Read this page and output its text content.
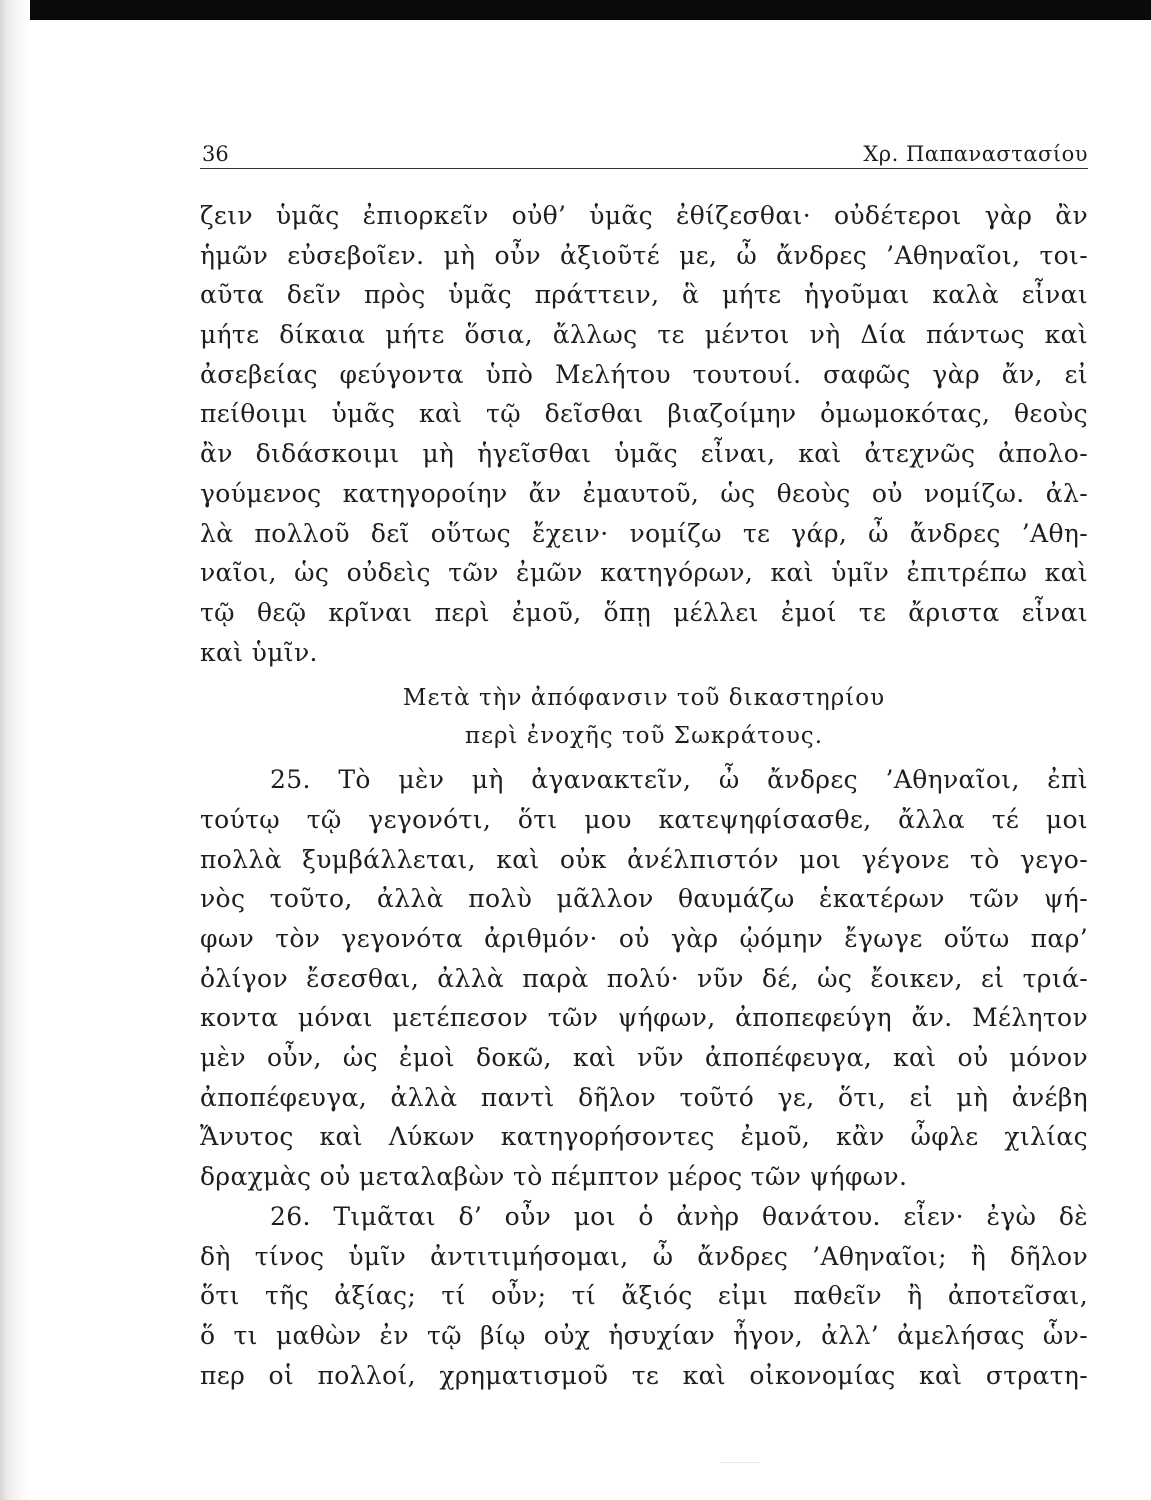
36	Χρ. Παπαναστασίου
ζειν ὑμᾶς ἐπιορκεῖν οὐθ’ ὑμᾶς ἐθίζεσθαι· οὐδέτεροι γὰρ ἂν
ἡμῶν εὐσεβοῖεν. μὴ οὖν ἀξιοῦτέ με, ὦ ἄνδρες ’Αθηναῖοι, τοι-
αῦτα δεῖν πρὸς ὑμᾶς πράττειν, ἃ μήτε ἡγοῦμαι καλὰ εἶναι
μήτε δίκαια μήτε ὅσια, ἄλλως τε μέντοι νὴ Δία πάντως καὶ
ἀσεβείας φεύγοντα ὑπὸ Μελήτου τουτουί. σαφῶς γὰρ ἄν, εἰ
πείθοιμι ὑμᾶς καὶ τῷ δεῖσθαι βιαζοίμην ὀμωμοκότας, θεοὺς
ἂν διδάσκοιμι μὴ ἡγεῖσθαι ὑμᾶς εἶναι, καὶ ἀτεχνῶς ἀπολο-
γούμενος κατηγοροίην ἄν ἐμαυτοῦ, ὡς θεοὺς οὐ νομίζω. ἀλ-
λὰ πολλοῦ δεῖ οὕτως ἔχειν· νομίζω τε γάρ, ὦ ἄνδρες ’Αθη-
ναῖοι, ὡς οὐδεὶς τῶν ἐμῶν κατηγόρων, καὶ ὑμῖν ἐπιτρέπω καὶ
τῷ θεῷ κρῖναι περὶ ἐμοῦ, ὅπῃ μέλλει ἐμοί τε ἄριστα εἶναι
καὶ ὑμῖν.
Μετὰ τὴν ἀπόφανσιν τοῦ δικαστηρίου
περὶ ἐνοχῆς τοῦ Σωκράτους.
25. Τὸ μὲν μὴ ἀγανακτεῖν, ὦ ἄνδρες ’Αθηναῖοι, ἐπὶ
τούτῳ τῷ γεγονότι, ὅτι μου κατεψηφίσασθε, ἄλλα τέ μοι
πολλὰ ξυμβάλλεται, καὶ οὐκ ἀνέλπιστόν μοι γέγονε τὸ γεγο-
νὸς τοῦτο, ἀλλὰ πολὺ μᾶλλον θαυμάζω ἑκατέρων τῶν ψή-
φων τὸν γεγονότα ἀριθμόν· οὐ γὰρ ᾠόμην ἔγωγε οὕτω παρ’
ὀλίγον ἔσεσθαι, ἀλλὰ παρὰ πολύ· νῦν δέ, ὡς ἔοικεν, εἰ τριά-
κοντα μόναι μετέπεσον τῶν ψήφων, ἀποπεφεύγη ἄν. Μέλητον
μὲν οὖν, ὡς ἐμοὶ δοκῶ, καὶ νῦν ἀποπέφευγα, καὶ οὐ μόνον
ἀποπέφευγα, ἀλλὰ παντὶ δῆλον τοῦτό γε, ὅτι, εἰ μὴ ἀνέβη
Ἄνυτος καὶ Λύκων κατηγορήσοντες ἐμοῦ, κἂν ὦφλε χιλίας
δραχμὰς οὐ μεταλαβὼν τὸ πέμπτον μέρος τῶν ψήφων.
26. Τιμᾶται δ’ οὖν μοι ὁ ἀνὴρ θανάτου. εἶεν· ἐγὼ δὲ
δὴ τίνος ὑμῖν ἀντιτιμήσομαι, ὦ ἄνδρες ’Αθηναῖοι; ἢ δῆλον
ὅτι τῆς ἀξίας; τί οὖν; τί ἄξιός εἰμι παθεῖν ἢ ἀποτεῖσαι,
ὅ τι μαθὼν ἐν τῷ βίῳ οὐχ ἡσυχίαν ἦγον, ἀλλ’ ἀμελήσας ὧν-
περ οἱ πολλοί, χρηματισμοῦ τε καὶ οἰκονομίας καὶ στρατη-
